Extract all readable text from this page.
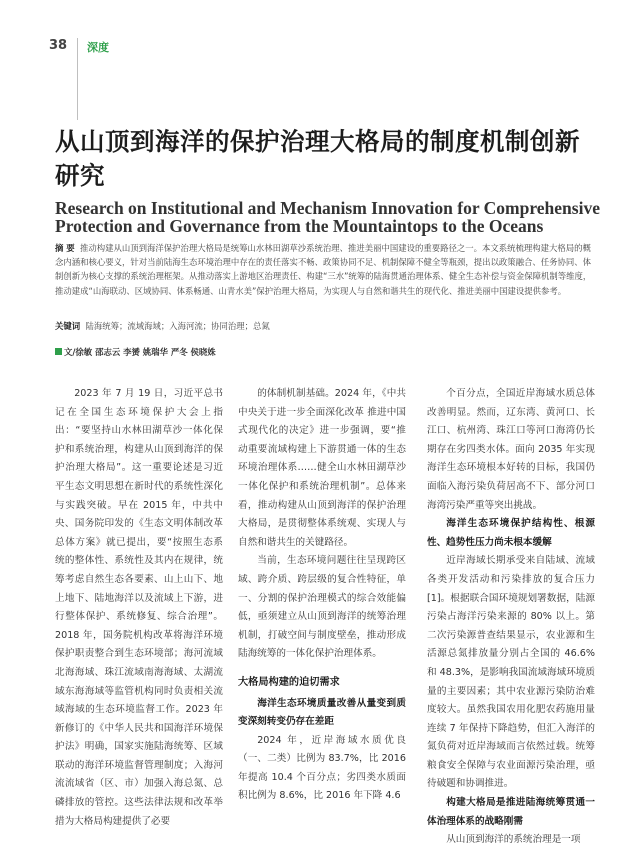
38 深度
从山顶到海洋的保护治理大格局的制度机制创新研究
Research on Institutional and Mechanism Innovation for Comprehensive Protection and Governance from the Mountaintops to the Oceans

摘 要 推动构建从山顶到海洋保护治理大格局是统筹山水林田湖草沙系统治理、推进美丽中国建设的重要路径之一。本文系统梳理构建大格局的概念内涵和核心要义，针对当前陆海生态环境治理中存在的责任落实不畅、政策协同不足、机制保障不健全等瓶颈，提出以政策融合、任务协同、体制创新为核心支撑的系统治理框架。从推动落实上游地区治理责任、构建“三水”统筹的陆海贯通治理体系、健全生态补偿与资金保障机制等维度，推动建成“山海联动、区域协同、体系畅通、山青水美”保护治理大格局，为实现人与自然和谐共生的现代化、推进美丽中国建设提供参考。

关键词 陆海统筹；流域海域；入海河流；协同治理；总氮

文/徐敏 邵志云 李赟 姚瑞华 严冬 侯晓姝

2023 年 7 月 19 日，习近平总书记在全国生态环境保护大会上指出：“要坚持山水林田湖草沙一体化保护和系统治理，构建从山顶到海洋的保护治理大格局”。这一重要论述是习近平生态文明思想在新时代的系统性深化与实践突破。早在 2015 年，中共中央、国务院印发的《生态文明体制改革总体方案》就已提出，要“按照生态系统的整体性、系统性及其内在规律，统筹考虑自然生态各要素、山上山下、地上地下、陆地海洋以及流域上下游，进行整体保护、系统修复、综合治理”。2018 年，国务院机构改革将海洋环境保护职责整合到生态环境部；海河流域北海海域、珠江流域南海海域、太湖流域东海海域等监管机构同时负责相关流域海域的生态环境监督工作。2023 年新修订的《中华人民共和国海洋环境保护法》明确，国家实施陆海统筹、区域联动的海洋环境监督管理制度；入海河流流域省（区、市）加强入海总氮、总磷排放的管控。这些法律法规和改革举措为大格局构建提供了必要

的体制机制基础。2024 年，《中共中央关于进一步全面深化改革 推进中国式现代化的决定》进一步强调，要“推动重要流域构建上下游贯通一体的生态环境治理体系……健全山水林田湖草沙一体化保护和系统治理机制”。总体来看，推动构建从山顶到海洋的保护治理大格局，是贯彻整体系统观、实现人与自然和谐共生的关键路径。

当前，生态环境问题往往呈现跨区域、跨介质、跨层级的复合性特征，单一、分割的保护治理模式的综合效能偏低，亟须建立从山顶到海洋的统筹治理机制，打破空间与制度壁垒，推动形成陆海统筹的一体化保护治理体系。

大格局构建的迫切需求

海洋生态环境质量改善从量变到质变深刻转变仍存在差距

2024 年，近岸海域水质优良（一、二类）比例为 83.7%，比 2016 年提高 10.4 个百分点；劣四类水质面积比例为 8.6%，比 2016 年下降 4.6

个百分点，全国近岸海域水质总体改善明显。然而，辽东湾、黄河口、长江口、杭州湾、珠江口等河口海湾仍长期存在劣四类水体。面向 2035 年实现海洋生态环境根本好转的目标，我国仍面临入海污染负荷居高不下、部分河口海湾污染严重等突出挑战。

海洋生态环境保护结构性、根源性、趋势性压力尚未根本缓解

近岸海域长期承受来自陆域、流域各类开发活动和污染排放的复合压力 [1]。根据联合国环境规划署数据，陆源污染占海洋污染来源的 80% 以上。第二次污染源普查结果显示，农业源和生活源总氮排放量分别占全国的 46.6% 和 48.3%，是影响我国流域海域环境质量的主要因素；其中农业源污染防治难度较大。虽然我国农用化肥农药施用量连续 7 年保持下降趋势，但汇入海洋的氮负荷对近岸海域而言依然过载。统筹粮食安全保障与农业面源污染治理，亟待破题和协调推进。

构建大格局是推进陆海统筹贯通一体治理体系的战略刚需

从山顶到海洋的系统治理是一项
